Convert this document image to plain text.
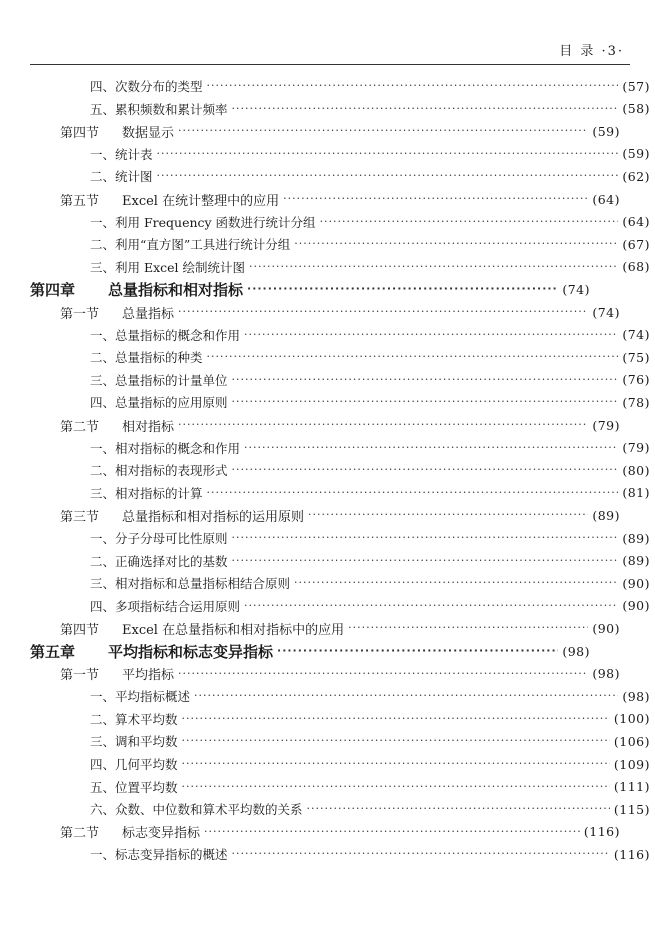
目 录 ·3·
四、次数分布的类型 ·····	(57)
五、累积频数和累计频率 ·····	(58)
第四节 数据显示 ·····	(59)
一、统计表 ·····	(59)
二、统计图 ·····	(62)
第五节 Excel 在统计整理中的应用 ·····	(64)
一、利用 Frequency 函数进行统计分组 ·····	(64)
二、利用“直方图”工具进行统计分组 ·····	(67)
三、利用 Excel 绘制统计图 ·····	(68)
第四章 总量指标和相对指标 ·····	(74)
第一节 总量指标 ·····	(74)
一、总量指标的概念和作用 ·····	(74)
二、总量指标的种类 ·····	(75)
三、总量指标的计量单位 ·····	(76)
四、总量指标的应用原则 ·····	(78)
第二节 相对指标 ·····	(79)
一、相对指标的概念和作用 ·····	(79)
二、相对指标的表现形式 ·····	(80)
三、相对指标的计算 ·····	(81)
第三节 总量指标和相对指标的运用原则 ·····	(89)
一、分子分母可比性原则 ·····	(89)
二、正确选择对比的基数 ·····	(89)
三、相对指标和总量指标相结合原则 ·····	(90)
四、多项指标结合运用原则 ·····	(90)
第四节 Excel 在总量指标和相对指标中的应用 ·····	(90)
第五章 平均指标和标志变异指标 ·····	(98)
第一节 平均指标 ·····	(98)
一、平均指标概述 ·····	(98)
二、算术平均数 ·····	(100)
三、调和平均数 ·····	(106)
四、几何平均数 ·····	(109)
五、位置平均数 ·····	(111)
六、众数、中位数和算术平均数的关系 ·····	(115)
第二节 标志变异指标 ·····	(116)
一、标志变异指标的概述 ·····	(116)
